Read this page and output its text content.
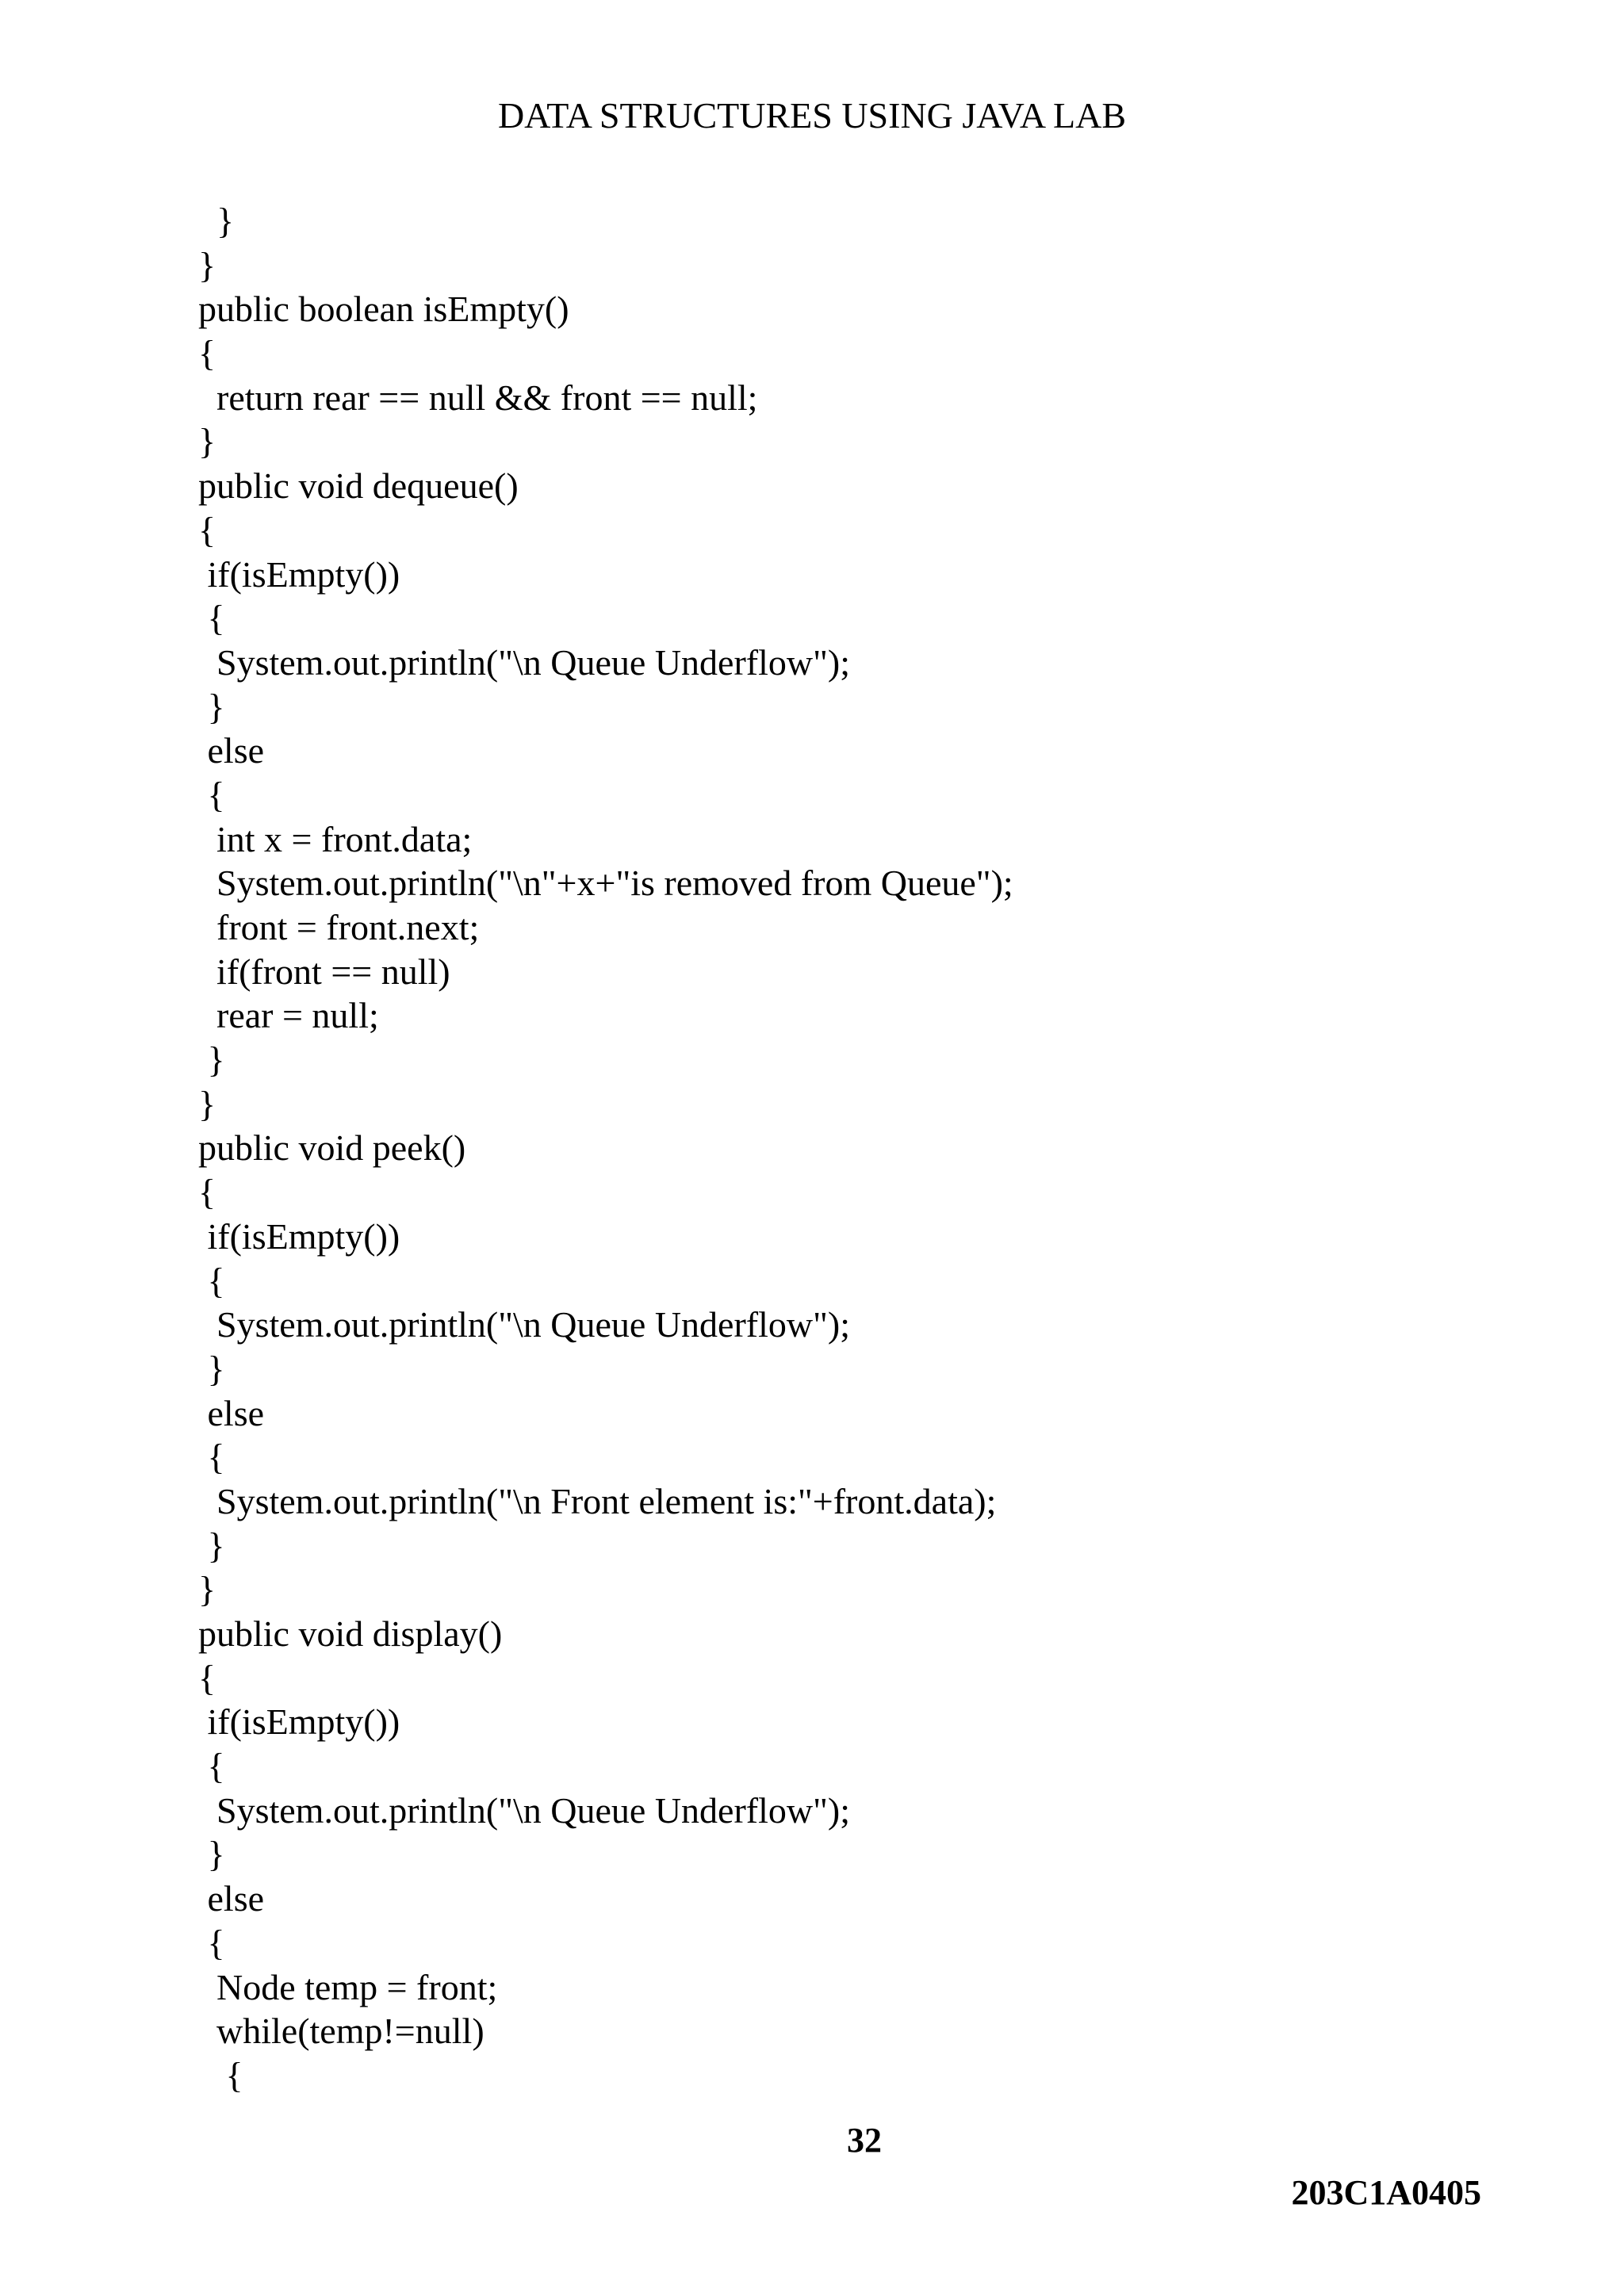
DATA STRUCTURES USING JAVA LAB
}
}
public boolean isEmpty()
{
return rear == null && front == null;
}
public void dequeue()
{
if(isEmpty())
{
System.out.println("\n Queue Underflow");
}
else
{
int x = front.data;
System.out.println("\n"+x+"is removed from Queue");
front = front.next;
if(front == null)
rear = null;
}
}
public void peek()
{
if(isEmpty())
{
System.out.println("\n Queue Underflow");
}
else
{
System.out.println("\n Front element is:"+front.data);
}
}
public void display()
{
if(isEmpty())
{
System.out.println("\n Queue Underflow");
}
else
{
Node temp = front;
while(temp!=null)
{
32
203C1A0405
